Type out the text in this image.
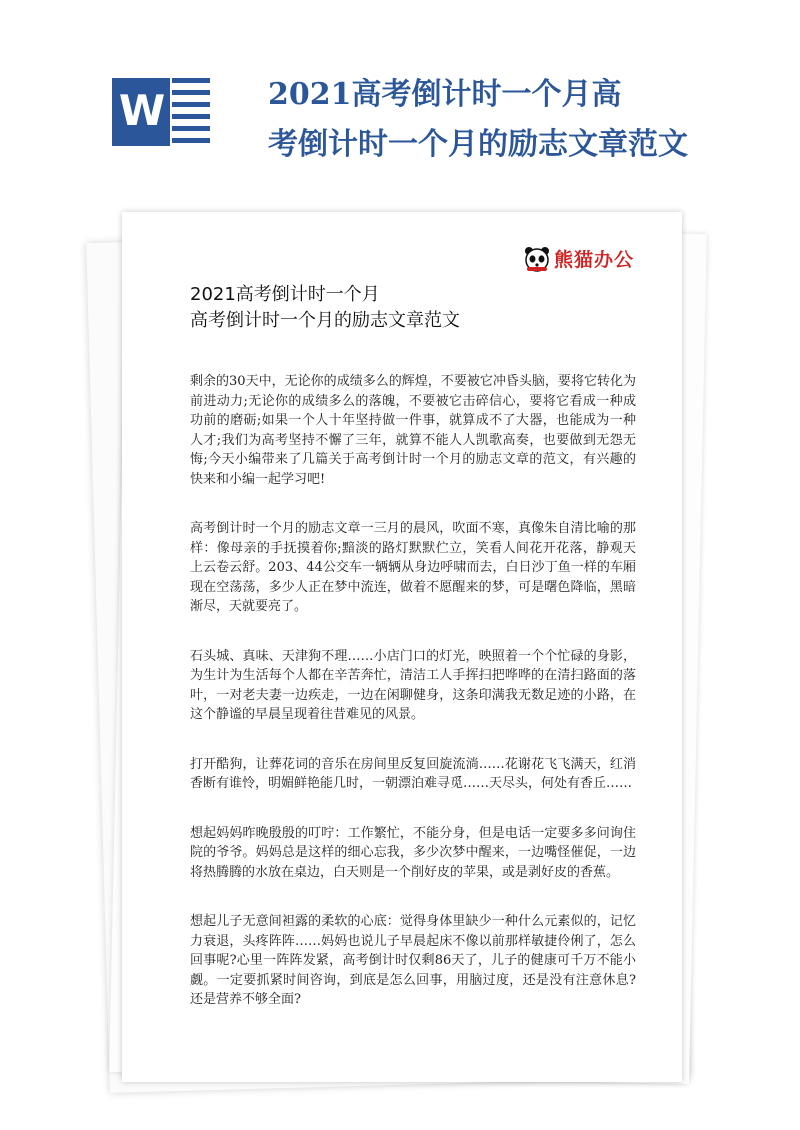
W	2021高考倒计时一个月高
考倒计时一个月的励志文章范文
熊猫办公
2021高考倒计时一个月
高考倒计时一个月的励志文章范文

剩余的30天中，无论你的成绩多么的辉煌，不要被它冲昏头脑，要将它转化为前进动力;无论你的成绩多么的落魄，不要被它击碎信心，要将它看成一种成功前的磨砺;如果一个人十年坚持做一件事，就算成不了大器，也能成为一种人才;我们为高考坚持不懈了三年，就算不能人人凯歌高奏，也要做到无怨无悔;今天小编带来了几篇关于高考倒计时一个月的励志文章的范文，有兴趣的快来和小编一起学习吧!

高考倒计时一个月的励志文章一三月的晨风，吹面不寒，真像朱自清比喻的那样：像母亲的手抚摸着你;黯淡的路灯默默伫立，笑看人间花开花落，静观天上云卷云舒。203、44公交车一辆辆从身边呼啸而去，白日沙丁鱼一样的车厢现在空荡荡，多少人正在梦中流连，做着不愿醒来的梦，可是曙色降临，黑暗渐尽，天就要亮了。

石头城、真味、天津狗不理……小店门口的灯光，映照着一个个忙碌的身影，为生计为生活每个人都在辛苦奔忙，清洁工人手挥扫把哗哗的在清扫路面的落叶，一对老夫妻一边疾走，一边在闲聊健身，这条印满我无数足迹的小路，在这个静谧的早晨呈现着往昔难见的风景。

打开酷狗，让葬花词的音乐在房间里反复回旋流淌……花谢花飞飞满天，红消香断有谁怜，明媚鲜艳能几时，一朝漂泊难寻觅……天尽头，何处有香丘……

想起妈妈昨晚殷殷的叮咛：工作繁忙，不能分身，但是电话一定要多多问询住院的爷爷。妈妈总是这样的细心忘我，多少次梦中醒来，一边嘴怪催促，一边将热腾腾的水放在桌边，白天则是一个削好皮的苹果，或是剥好皮的香蕉。

想起儿子无意间袒露的柔软的心底：觉得身体里缺少一种什么元素似的，记忆力衰退，头疼阵阵……妈妈也说儿子早晨起床不像以前那样敏捷伶俐了，怎么回事呢?心里一阵阵发紧，高考倒计时仅剩86天了，儿子的健康可千万不能小觑。一定要抓紧时间咨询，到底是怎么回事，用脑过度，还是没有注意休息?还是营养不够全面?
